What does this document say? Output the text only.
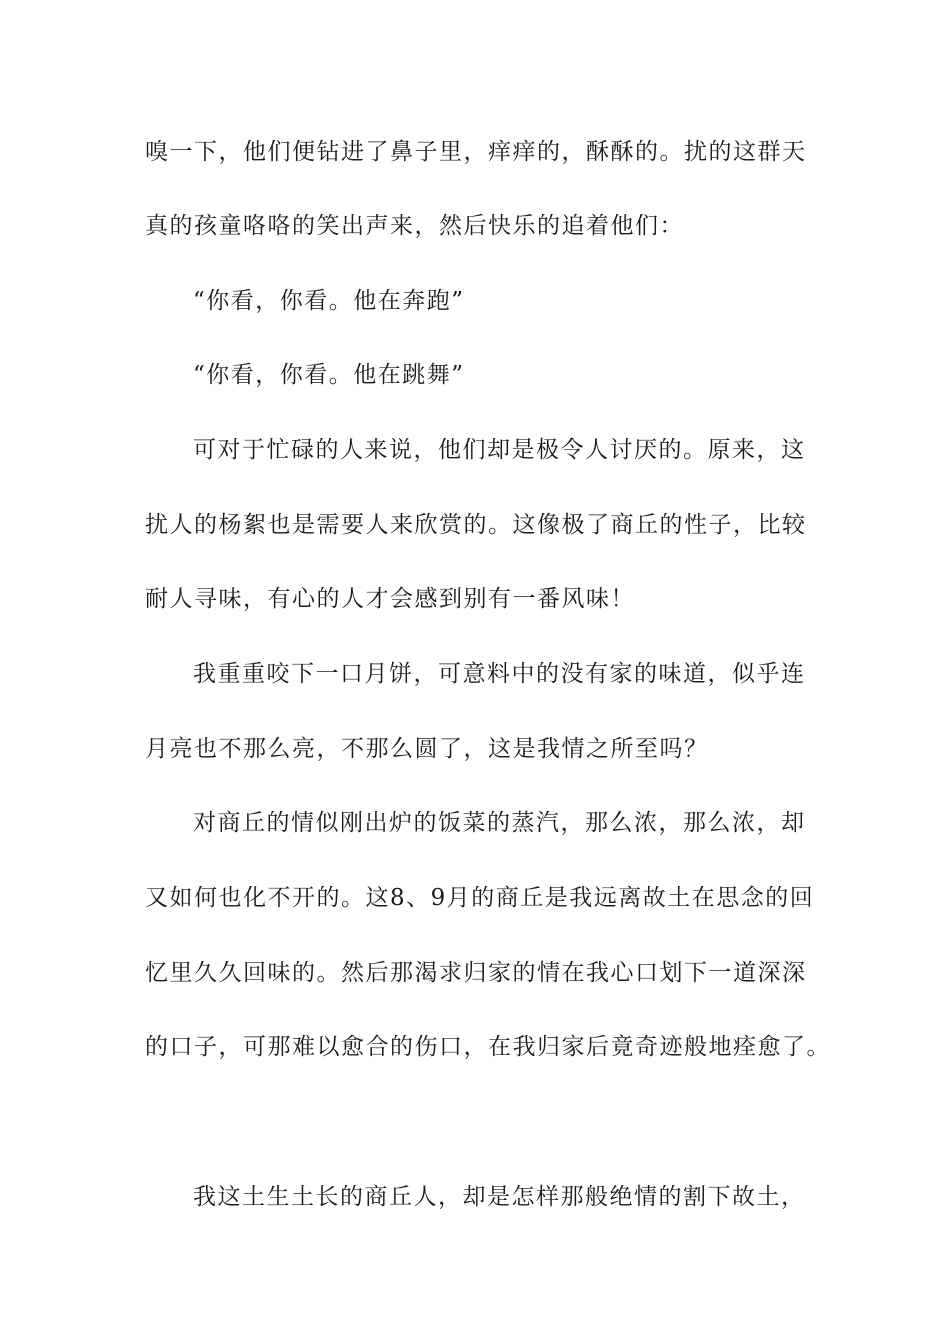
嗅一下，他们便钻进了鼻子里，痒痒的，酥酥的。扰的这群天
真的孩童咯咯的笑出声来，然后快乐的追着他们：
“你看，你看。他在奔跑”
“你看，你看。他在跳舞”
可对于忙碌的人来说，他们却是极令人讨厌的。原来，这
扰人的杨絮也是需要人来欣赏的。这像极了商丘的性子，比较
耐人寻味，有心的人才会感到别有一番风味！
我重重咬下一口月饼，可意料中的没有家的味道，似乎连
月亮也不那么亮，不那么圆了，这是我情之所至吗？
对商丘的情似刚出炉的饭菜的蒸汽，那么浓，那么浓，却
又如何也化不开的。这8、9月的商丘是我远离故土在思念的回
忆里久久回味的。然后那渴求归家的情在我心口划下一道深深
的口子，可那难以愈合的伤口，在我归家后竟奇迹般地痊愈了。
我这土生土长的商丘人，却是怎样那般绝情的割下故土，
